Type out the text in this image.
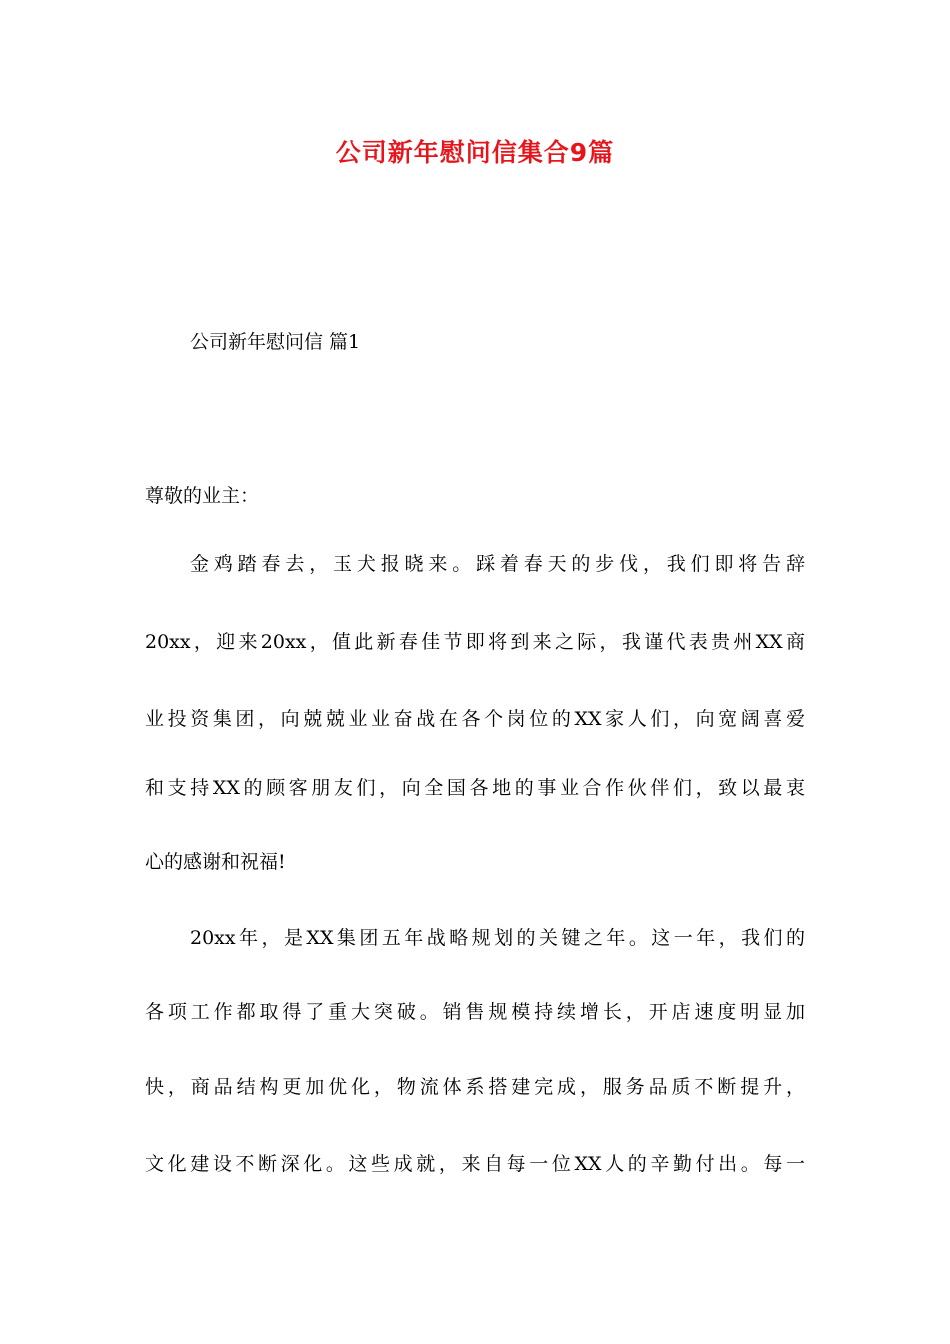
公司新年慰问信集合9篇

公司新年慰问信 篇1

尊敬的业主：

金鸡踏春去，玉犬报晓来。踩着春天的步伐，我们即将告辞

20xx，迎来20xx，值此新春佳节即将到来之际，我谨代表贵州XX商

业投资集团，向兢兢业业奋战在各个岗位的XX家人们，向宽阔喜爱

和支持XX的顾客朋友们，向全国各地的事业合作伙伴们，致以最衷

心的感谢和祝福!

20xx年，是XX集团五年战略规划的关键之年。这一年，我们的

各项工作都取得了重大突破。销售规模持续增长，开店速度明显加

快，商品结构更加优化，物流体系搭建完成，服务品质不断提升，

文化建设不断深化。这些成就，来自每一位XX人的辛勤付出。每一
